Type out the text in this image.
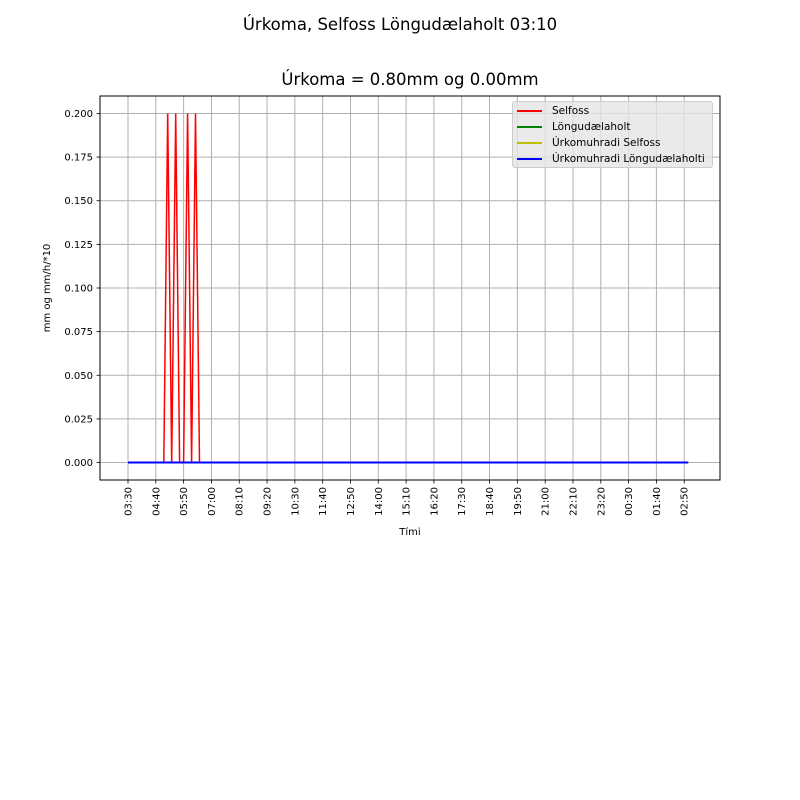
Úrkoma, Selfoss Löngudælaholt 03:10
Úrkoma = 0.80mm og 0.00mm
0.000
0.025
0.050
0.075
0.100
0.125
0.150
0.175
0.200
03:30 04:40 05:50 07:00 08:10 09:20 10:30 11:40 12:50 14:00 15:10 16:20 17:30 18:40 19:50 21:00 22:10 23:20 00:30 01:40 02:50
Tími
mm og mm/h/*10
Selfoss
Löngudælaholt
Úrkomuhradi Selfoss
Úrkomuhradi Löngudælaholti
